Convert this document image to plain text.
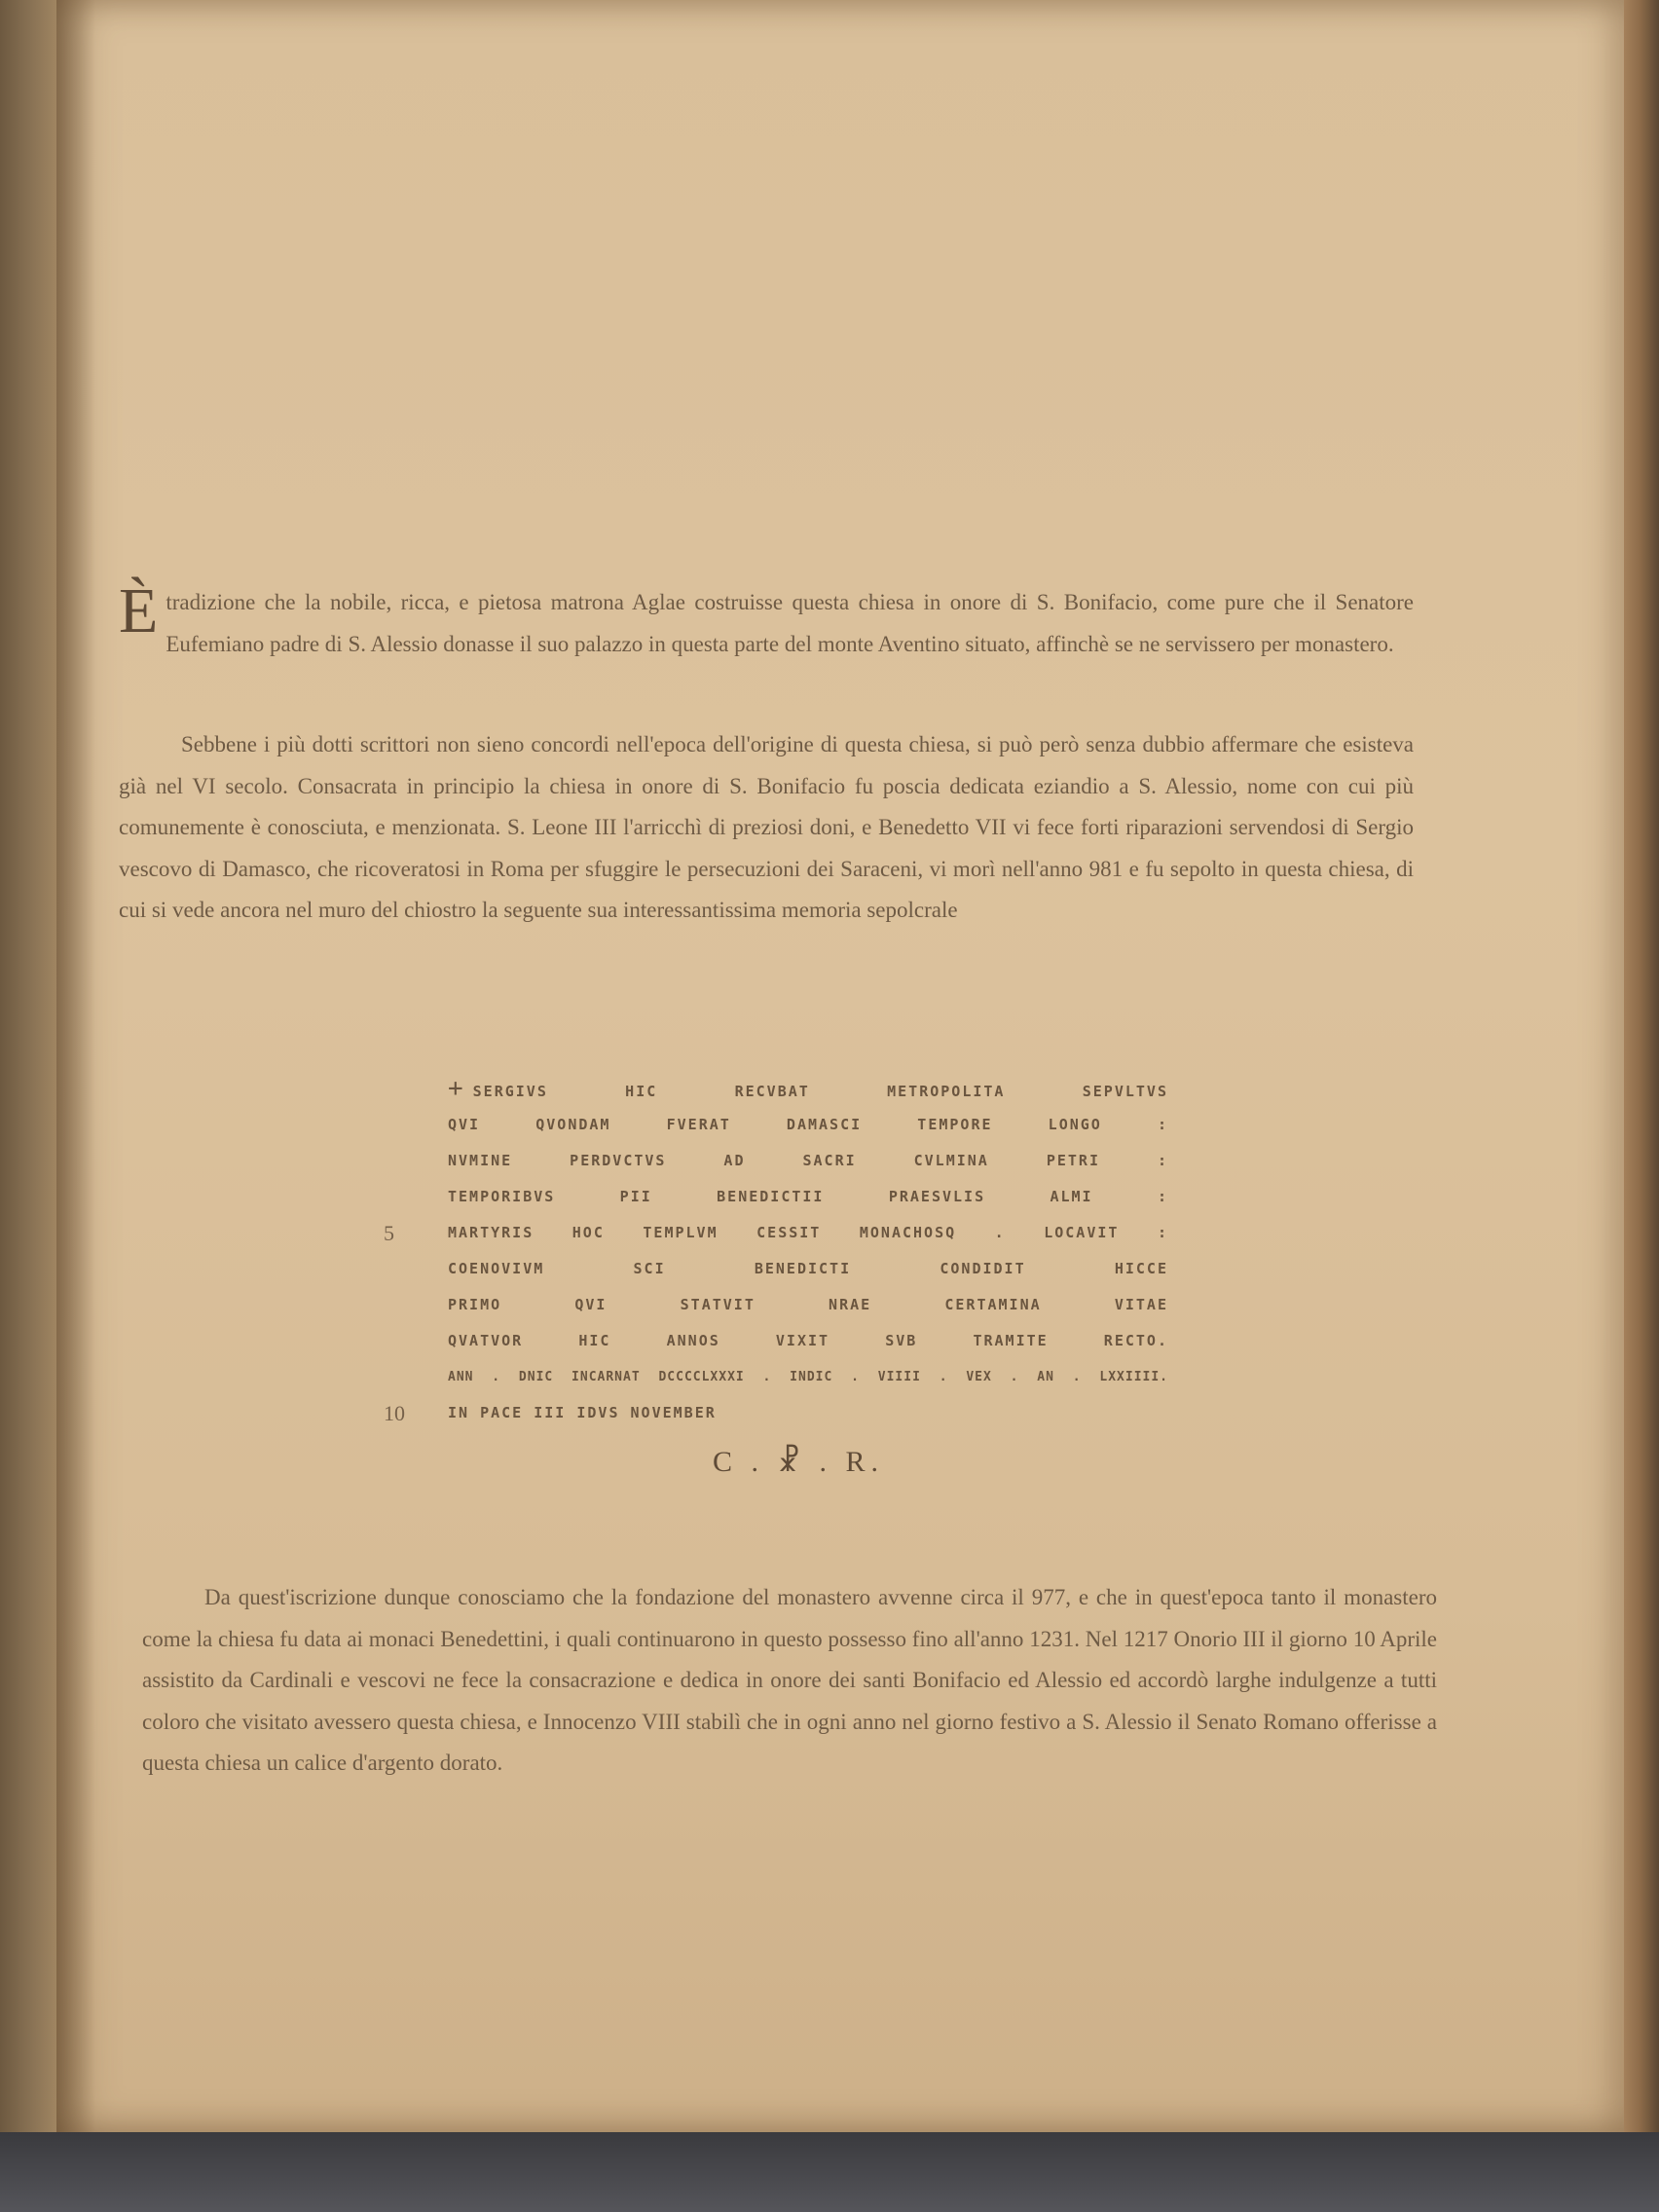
È tradizione che la nobile, ricca, e pietosa matrona Aglae costruisse questa chiesa in onore di S. Bonifacio, come pure che il Senatore Eufemiano padre di S. Alessio donasse il suo palazzo in questa parte del monte Aventino situato, affinchè se ne servissero per monastero.
Sebbene i più dotti scrittori non sieno concordi nell'epoca dell'origine di questa chiesa, si può però senza dubbio affermare che esisteva già nel VI secolo. Consacrata in principio la chiesa in onore di S. Bonifacio fu poscia dedicata eziandio a S. Alessio, nome con cui più comunemente è conosciuta, e menzionata. S. Leone III l'arricchì di preziosi doni, e Benedetto VII vi fece forti riparazioni servendosi di Sergio vescovo di Damasco, che ricoveratosi in Roma per sfuggire le persecuzioni dei Saraceni, vi morì nell'anno 981 e fu sepolto in questa chiesa, di cui si vede ancora nel muro del chiostro la seguente sua interessantissima memoria sepolcrale
+ SERGIVS HIC RECVBAT METROPOLITA SEPVLTVS
QVI QVONDAM FVERAT DAMASCI TEMPORE LONGO :
NVMINE PERDVCTVS AD SACRI CVLMINA PETRI :
TEMPORIBVS PII BENEDICTII PRAESVLIS ALMI :
5	MARTYRIS HOC TEMPLVM CESSIT MONACHOSQ . LOCAVIT :
COENOVIVM SCI BENEDICTI CONDIDIT HICCE
PRIMO QVI STATVIT NRAE CERTAMINA VITAE
QVATVOR HIC ANNOS VIXIT SVB TRAMITE RECTO.
ANN . DNIC INCARNAT DCCCCLXXXI . INDIC . VIIII . VEX . AN . LXXIIII.
10	IN PACE III IDVS NOVEMBER
C . ☧ . R.
Da quest'iscrizione dunque conosciamo che la fondazione del monastero avvenne circa il 977, e che in quest'epoca tanto il monastero come la chiesa fu data ai monaci Benedettini, i quali continuarono in questo possesso fino all'anno 1231. Nel 1217 Onorio III il giorno 10 Aprile assistito da Cardinali e vescovi ne fece la consacrazione e dedica in onore dei santi Bonifacio ed Alessio ed accordò larghe indulgenze a tutti coloro che visitato avessero questa chiesa, e Innocenzo VIII stabilì che in ogni anno nel giorno festivo a S. Alessio il Senato Romano offerisse a questa chiesa un calice d'argento dorato.
